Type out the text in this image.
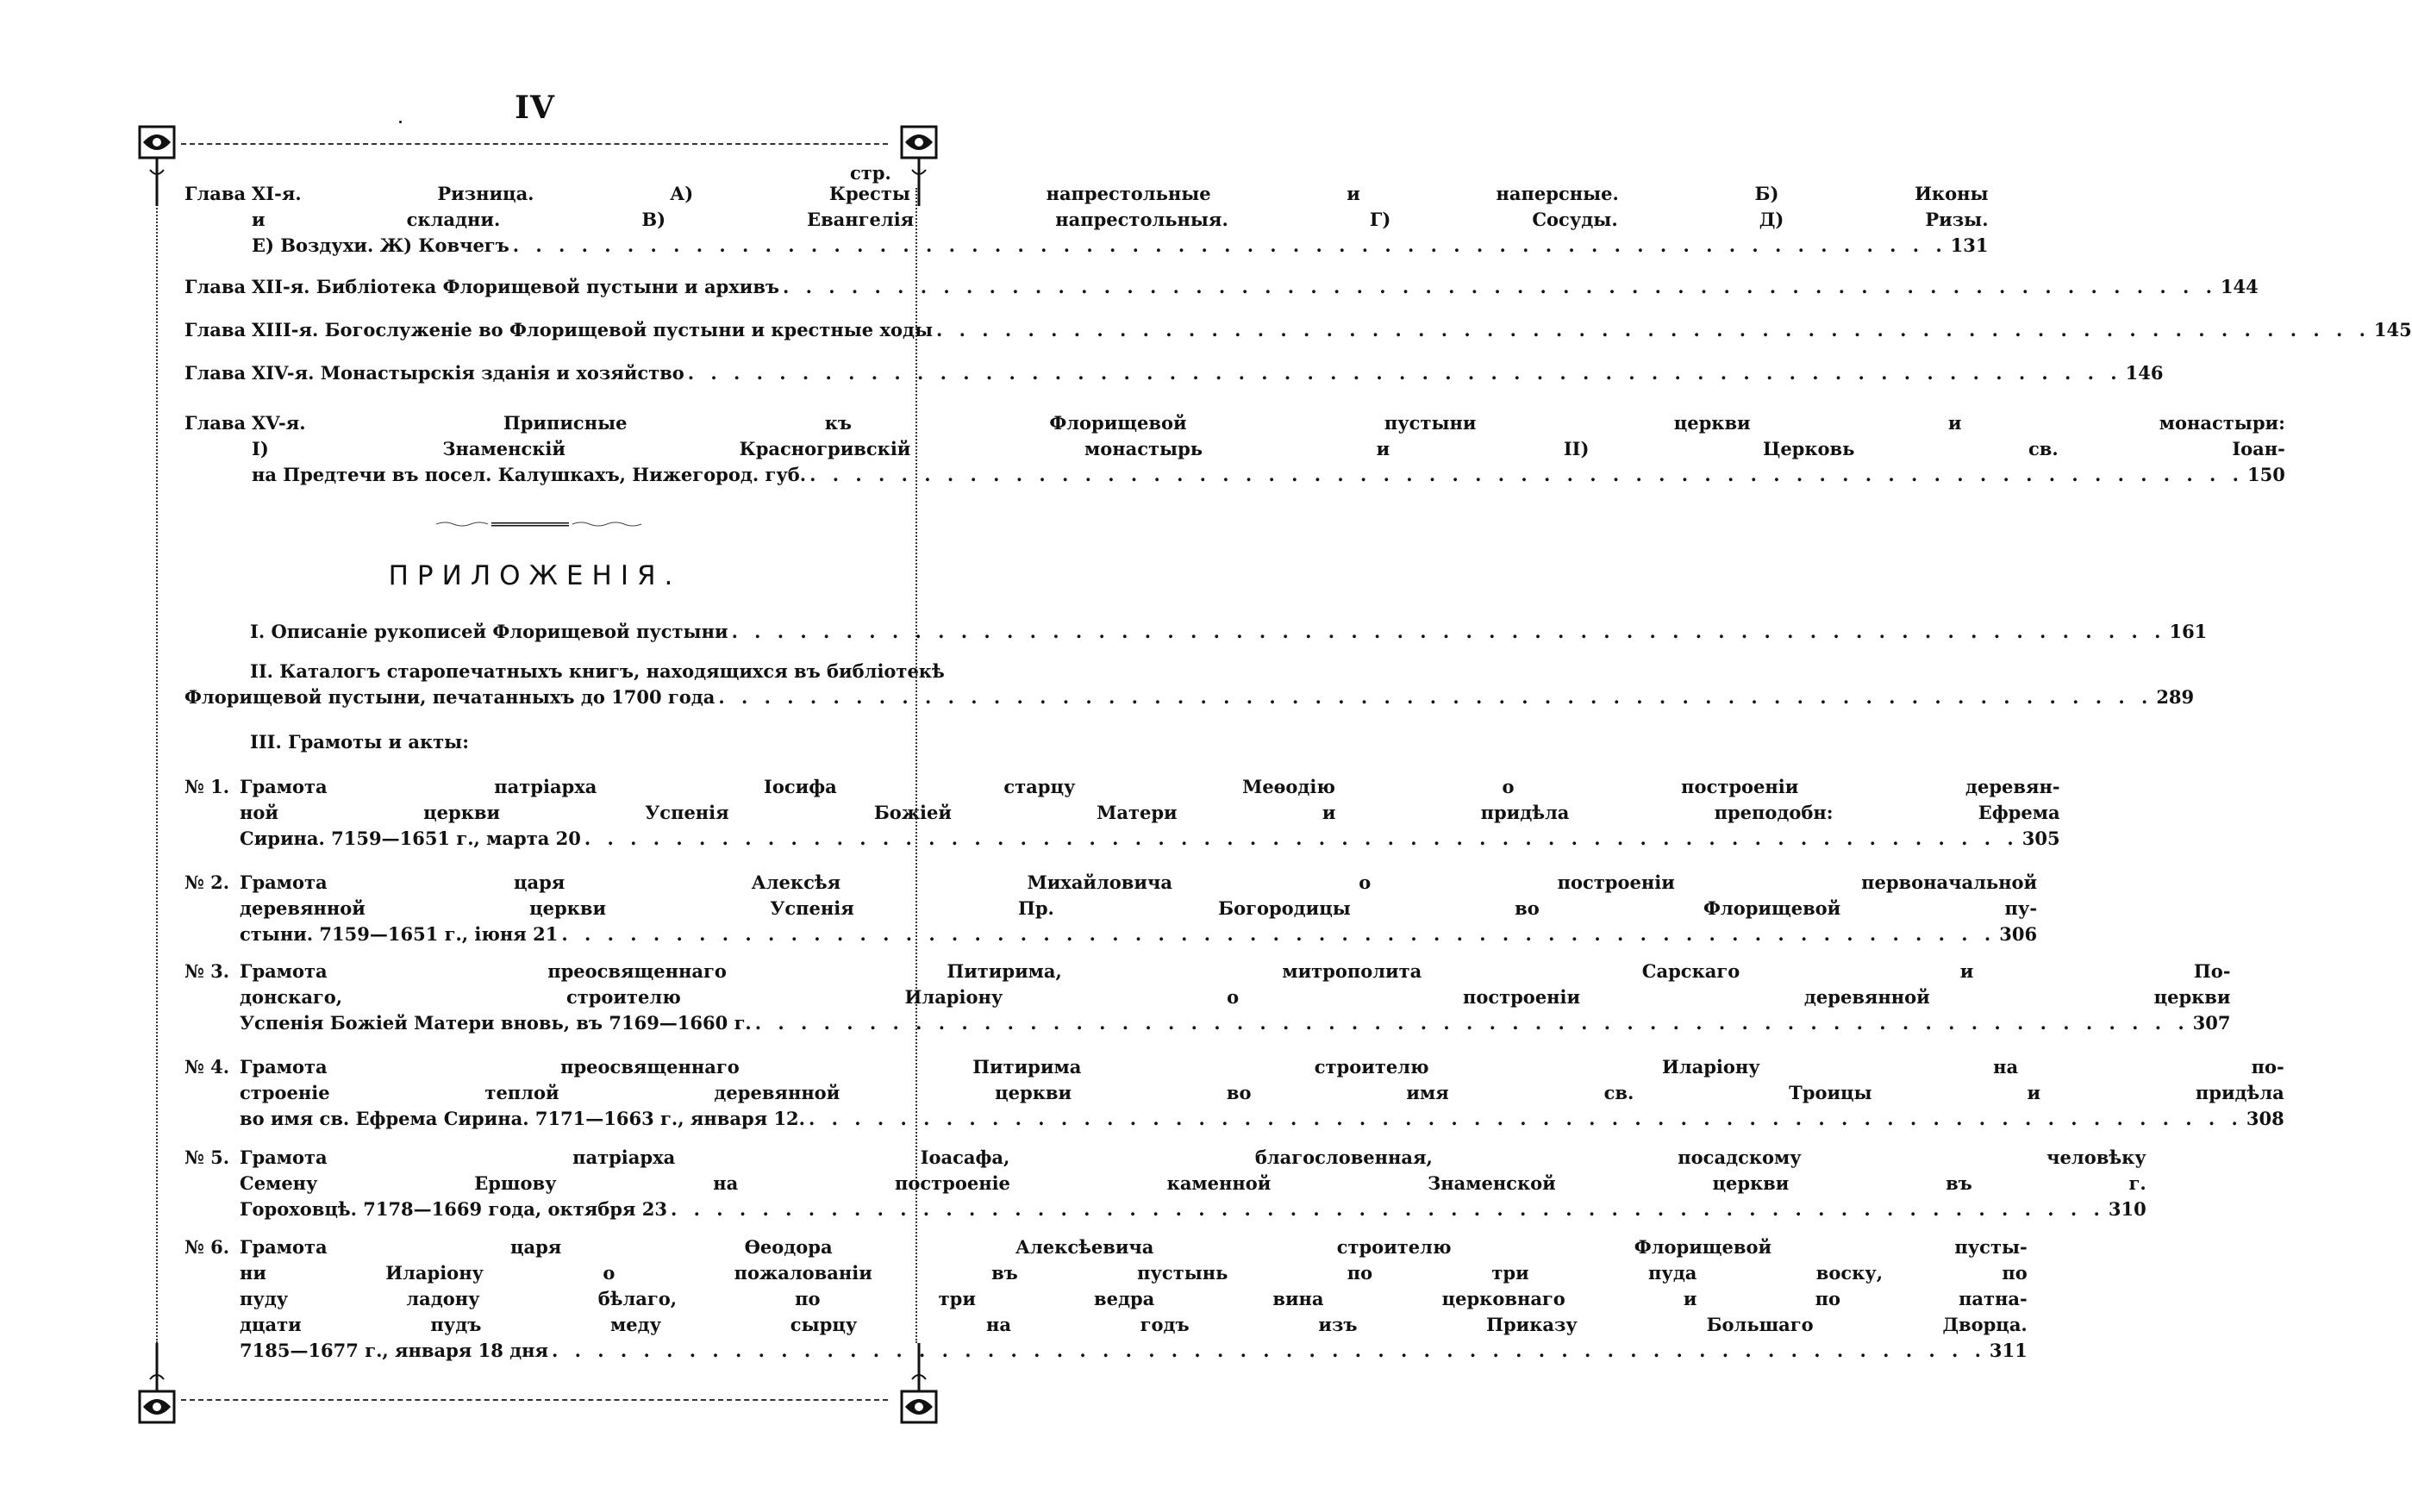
IV
стр.
Глава XI-я. Ризница. А) Кресты напрестольные и наперсные. Б) Иконы
и складни. В) Евангелія напрестольныя. Г) Сосуды. Д) Ризы.
Е) Воздухи. Ж) Ковчегъ . . .	131
Глава XII-я. Библіотека Флорищевой пустыни и архивъ . . .	144
Глава XIII-я. Богослуженіе во Флорищевой пустыни и крестные ходы . . .	145
Глава XIV-я. Монастырскія зданія и хозяйство . . .	146
Глава XV-я. Приписные къ Флорищевой пустыни церкви и монастыри:
I) Знаменскій Красногривскій монастырь и II) Церковь св. Іоан-
на Предтечи въ посел. Калушкахъ, Нижегород. губ. . . .	150
ПРИЛОЖЕНІЯ.
I. Описаніе рукописей Флорищевой пустыни . . .	161
II. Каталогъ старопечатныхъ книгъ, находящихся въ библіотекѣ
Флорищевой пустыни, печатанныхъ до 1700 года . . .	289
III. Грамоты и акты:
№ 1. Грамота патріарха Іосифа старцу Меѳодію о построеніи деревян-
ной церкви Успенія Божіей Матери и придѣла преподобн: Ефрема
Сирина. 7159—1651 г., марта 20 . . .	305
№ 2. Грамота царя Алексѣя Михайловича о построеніи первоначальной
деревянной церкви Успенія Пр. Богородицы во Флорищевой пу-
стыни. 7159—1651 г., іюня 21 . . .	306
№ 3. Грамота преосвященнаго Питирима, митрополита Сарскаго и По-
донскаго, строителю Иларіону о построеніи деревянной церкви
Успенія Божіей Матери вновь, въ 7169—1660 г. . . .	307
№ 4. Грамота преосвященнаго Питирима строителю Иларіону на по-
строеніе теплой деревянной церкви во имя св. Троицы и придѣла
во имя св. Ефрема Сирина. 7171—1663 г., января 12. . . .	308
№ 5. Грамота патріарха Іоасафа, благословенная, посадскому человѣку
Семену Ершову на построеніе каменной Знаменской церкви въ г.
Гороховцѣ. 7178—1669 года, октября 23 . . .	310
№ 6. Грамота царя Ѳеодора Алексѣевича строителю Флорищевой пусты-
ни Иларіону о пожалованіи въ пустынь по три пуда воску, по
пуду ладону бѣлаго, по три ведра вина церковнаго и по патна-
дцати пудъ меду сырцу на годъ изъ Приказу Большаго Дворца.
7185—1677 г., января 18 дня . . .	311
